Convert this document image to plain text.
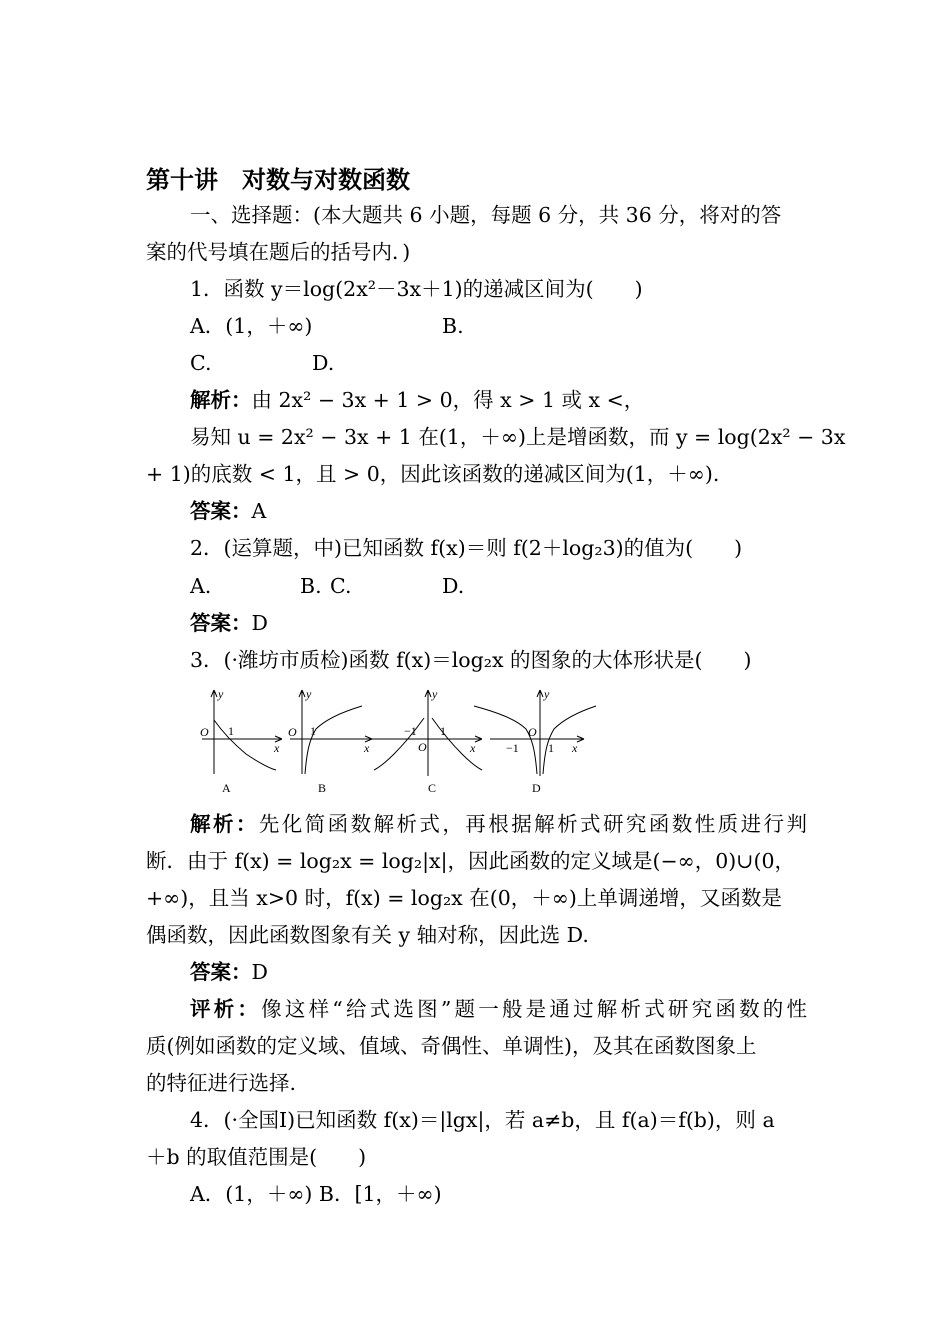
第十讲　对数与对数函数
一、选择题：(本大题共 6 小题，每题 6 分，共 36 分，将对的答
案的代号填在题后的括号内．)
1．函数 y＝log(2x²－3x＋1)的递减区间为(　　)
A．(1，＋∞)	B.
C.	D.
解析：由 2x² − 3x + 1 > 0，得 x > 1 或 x <，
易知 u = 2x² − 3x + 1 在(1，＋∞)上是增函数，而 y = log(2x² − 3x
+ 1)的底数 < 1，且 > 0，因此该函数的递减区间为(1，＋∞).
答案：A
2．(运算题，中)已知函数 f(x)＝则 f(2＋log₂3)的值为(　　)
A.	B. C.	D.
答案：D
3．(·潍坊市质检)函数 f(x)＝log₂x 的图象的大体形状是(　　)
y
x
O
y
x
O
y
x
O
y
x
O
1	1	−1 1
−1 1
A	B	C	D
解析：先化简函数解析式，再根据解析式研究函数性质进行判
断．由于 f(x) = log₂x = log₂|x|，因此函数的定义域是(−∞，0)∪(0，
+∞)，且当 x>0 时，f(x) = log₂x 在(0，＋∞)上单调递增，又函数是
偶函数，因此函数图象有关 y 轴对称，因此选 D.
答案：D
评析：像这样“给式选图”题一般是通过解析式研究函数的性
质(例如函数的定义域、值域、奇偶性、单调性)，及其在函数图象上
的特征进行选择.
4．(·全国Ⅰ)已知函数 f(x)＝|lgx|，若 a≠b，且 f(a)＝f(b)，则 a
＋b 的取值范围是(　　)
A．(1，＋∞) B．[1，＋∞)
